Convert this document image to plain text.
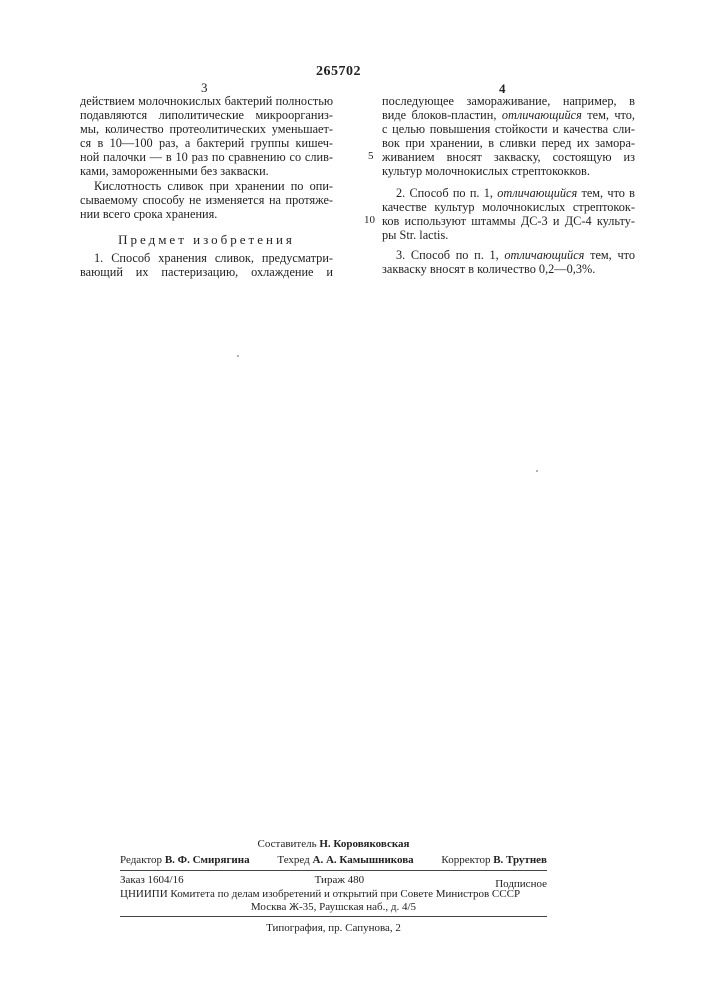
265702
3	4
действием молочнокислых бактерий полностью
подавляются липолитические микроорганиз-
мы, количество протеолитических уменьшает-
ся в 10—100 раз, а бактерий группы кишеч-
ной палочки — в 10 раз по сравнению со слив-
ками, замороженными без закваски.
Кислотность сливок при хранении по опи-
сываемому способу не изменяется на протяже-
нии всего срока хранения.
Предмет изобретения
1. Способ хранения сливок, предусматри-
вающий их пастеризацию, охлаждение и
последующее замораживание, например, в
виде блоков-пластин, отличающийся тем, что,
с целью повышения стойкости и качества сли-
вок при хранении, в сливки перед их замора-
живанием вносят закваску, состоящую из
культур молочнокислых стрептококков.
2. Способ по п. 1, отличающийся тем, что в
качестве культур молочнокислых стрептокок-
ков используют штаммы ДС-3 и ДС-4 культу-
ры Str. lactis.
3. Способ по п. 1, отличающийся тем, что
закваску вносят в количество 0,2—0,3%.
5
10
Составитель Н. Коровяковская
Редактор В. Ф. Смирягина	Техред А. А. Камышникова	Корректор В. Трутнев
Заказ 1604/16	Тираж 480	Подписное
ЦНИИПИ Комитета по делам изобретений и открытий при Совете Министров СССР
Москва Ж-35, Раушская наб., д. 4/5
Типография, пр. Сапунова, 2
